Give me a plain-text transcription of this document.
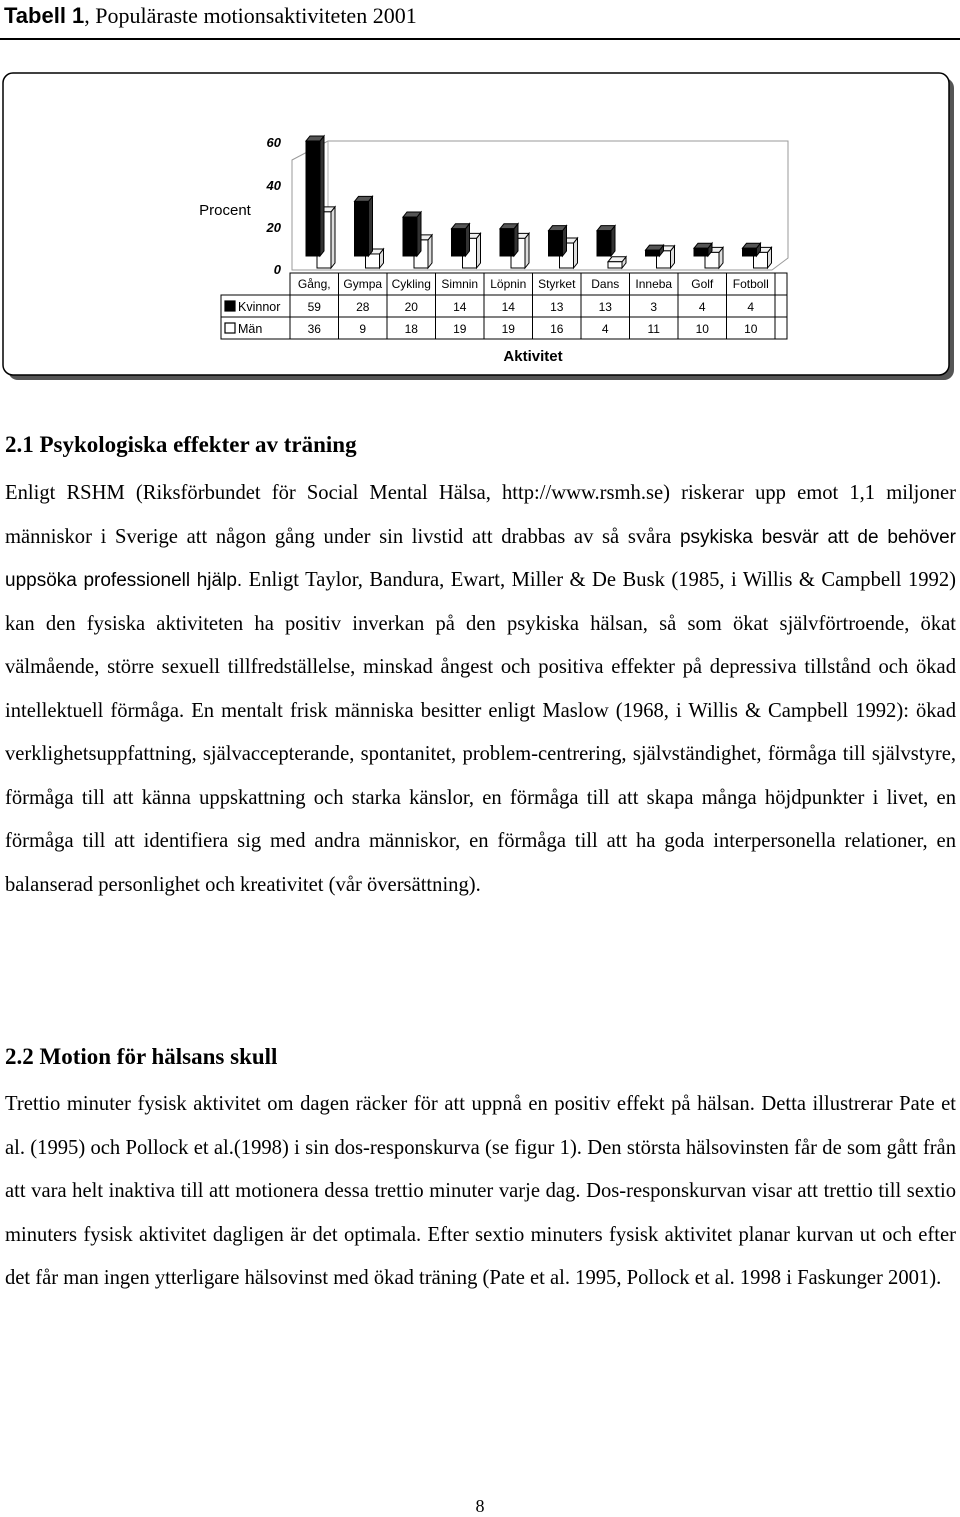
Tabell 1, Populäraste motionsaktiviteten 2001
Gång, Gympa Cykling Simnin Löpnin Styrket Dans Inneba Golf Fotboll
Kvinnor 59	28	20	14	14	13	13	3	4	4
Män	36	9	18	19	19	16	4	11	10	10
0
20
40
60
Procent
Aktivitet
2.1 Psykologiska effekter av träning

Enligt RSHM (Riksförbundet för Social Mental Hälsa, http://www.rsmh.se) riskerar upp emot 1,1 miljoner människor i Sverige att någon gång under sin livstid att drabbas av så svåra psykiska besvär att de behöver uppsöka professionell hjälp. Enligt Taylor, Bandura, Ewart, Miller & De Busk (1985, i Willis & Campbell 1992) kan den fysiska aktiviteten ha positiv inverkan på den psykiska hälsan, så som ökat självförtroende, ökat välmående, större sexuell tillfredställelse, minskad ångest och positiva effekter på depressiva tillstånd och ökad intellektuell förmåga. En mentalt frisk människa besitter enligt Maslow (1968, i Willis & Campbell 1992): ökad verklighetsuppfattning, självaccepterande, spontanitet, problem-centrering, självständighet, förmåga till självstyre, förmåga till att känna uppskattning och starka känslor, en förmåga till att skapa många höjdpunkter i livet, en förmåga till att identifiera sig med andra människor, en förmåga till att ha goda interpersonella relationer, en balanserad personlighet och kreativitet (vår översättning).

2.2 Motion för hälsans skull

Trettio minuter fysisk aktivitet om dagen räcker för att uppnå en positiv effekt på hälsan. Detta illustrerar Pate et al. (1995) och Pollock et al.(1998) i sin dos-responskurva (se figur 1). Den största hälsovinsten får de som gått från att vara helt inaktiva till att motionera dessa trettio minuter varje dag. Dos-responskurvan visar att trettio till sextio minuters fysisk aktivitet dagligen är det optimala. Efter sextio minuters fysisk aktivitet planar kurvan ut och efter det får man ingen ytterligare hälsovinst med ökad träning (Pate et al. 1995, Pollock et al. 1998 i Faskunger 2001).

8
